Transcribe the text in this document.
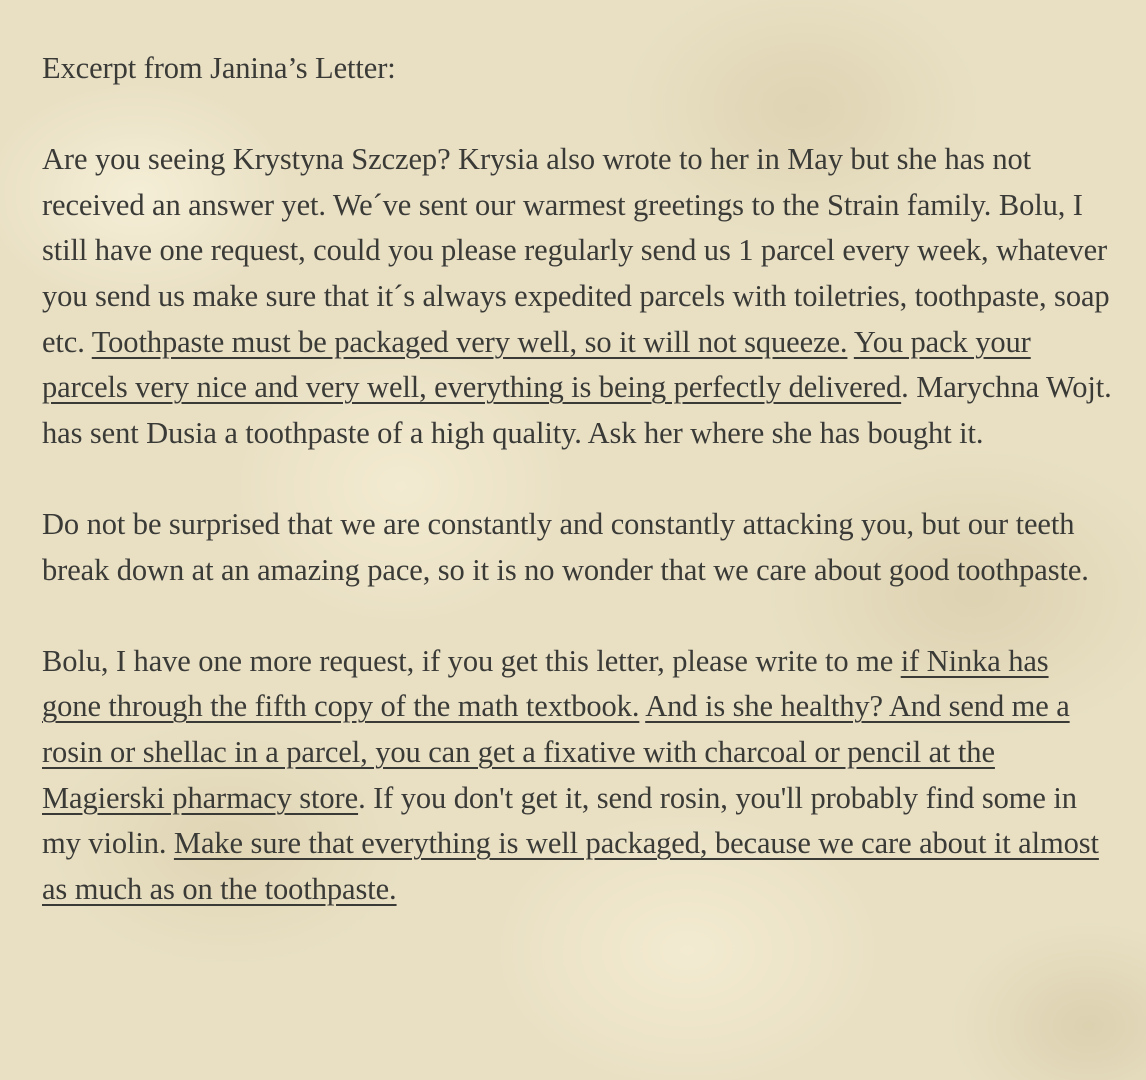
Excerpt from Janina’s Letter:

Are you seeing Krystyna Szczep? Krysia also wrote to her in May but she has not received an answer yet. We´ve sent our warmest greetings to the Strain family. Bolu, I still have one request, could you please regularly send us 1 parcel every week, whatever you send us make sure that it´s always expedited parcels with toiletries, toothpaste, soap etc. Toothpaste must be packaged very well, so it will not squeeze. You pack your parcels very nice and very well, everything is being perfectly delivered. Marychna Wojt. has sent Dusia a toothpaste of a high quality. Ask her where she has bought it.

Do not be surprised that we are constantly and constantly attacking you, but our teeth break down at an amazing pace, so it is no wonder that we care about good toothpaste.

Bolu, I have one more request, if you get this letter, please write to me if Ninka has gone through the fifth copy of the math textbook. And is she healthy? And send me a rosin or shellac in a parcel, you can get a fixative with charcoal or pencil at the Magierski pharmacy store. If you don't get it, send rosin, you'll probably find some in my violin. Make sure that everything is well packaged, because we care about it almost as much as on the toothpaste.
